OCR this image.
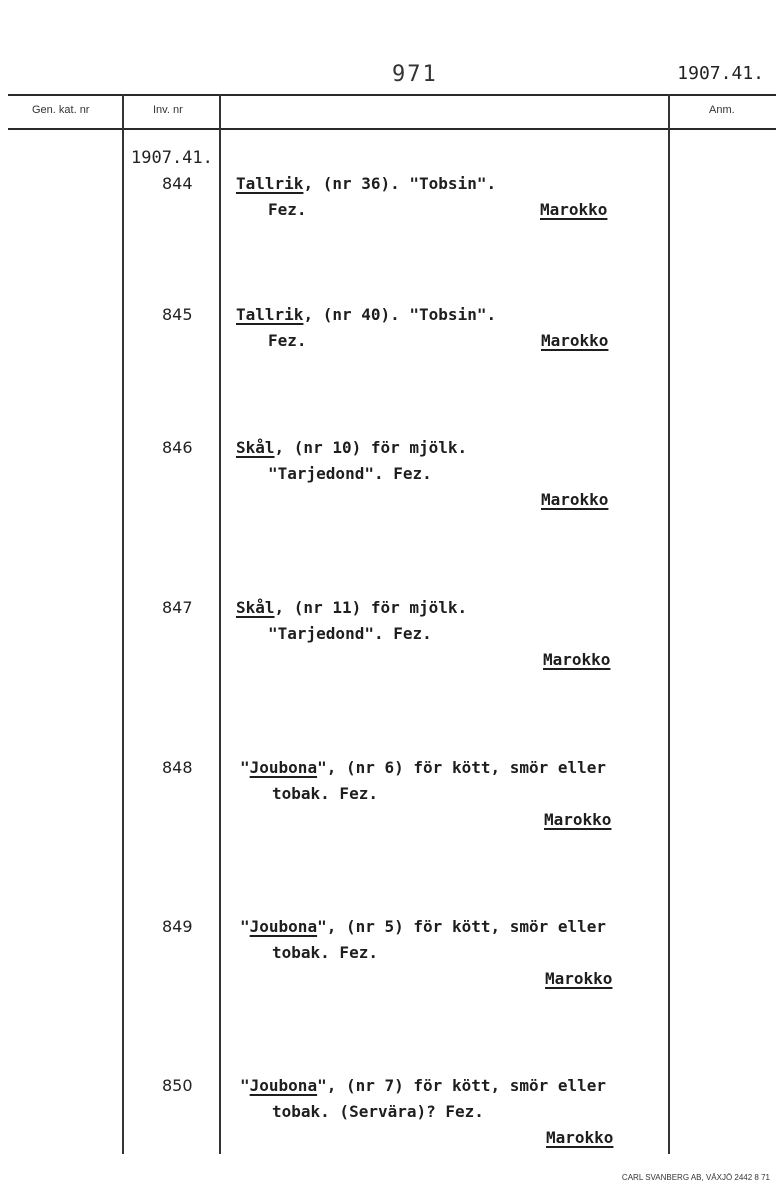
971	1907.41.
Gen. kat. nr	Inv. nr	Anm.
1907.41.
844	Tallrik, (nr 36). "Tobsin".
Fez.	Marokko
845	Tallrik, (nr 40). "Tobsin".
Fez.	Marokko
846	Skål, (nr 10) för mjölk.
"Tarjedond". Fez.
Marokko
847	Skål, (nr 11) för mjölk.
"Tarjedond". Fez.
Marokko
848	"Joubona", (nr 6) för kött, smör eller
tobak. Fez.
Marokko
849	"Joubona", (nr 5) för kött, smör eller
tobak. Fez.
Marokko
850	"Joubona", (nr 7) för kött, smör eller
tobak. (Servära)? Fez.
Marokko
CARL SVANBERG AB, VÄXJÖ 2442 8 71
